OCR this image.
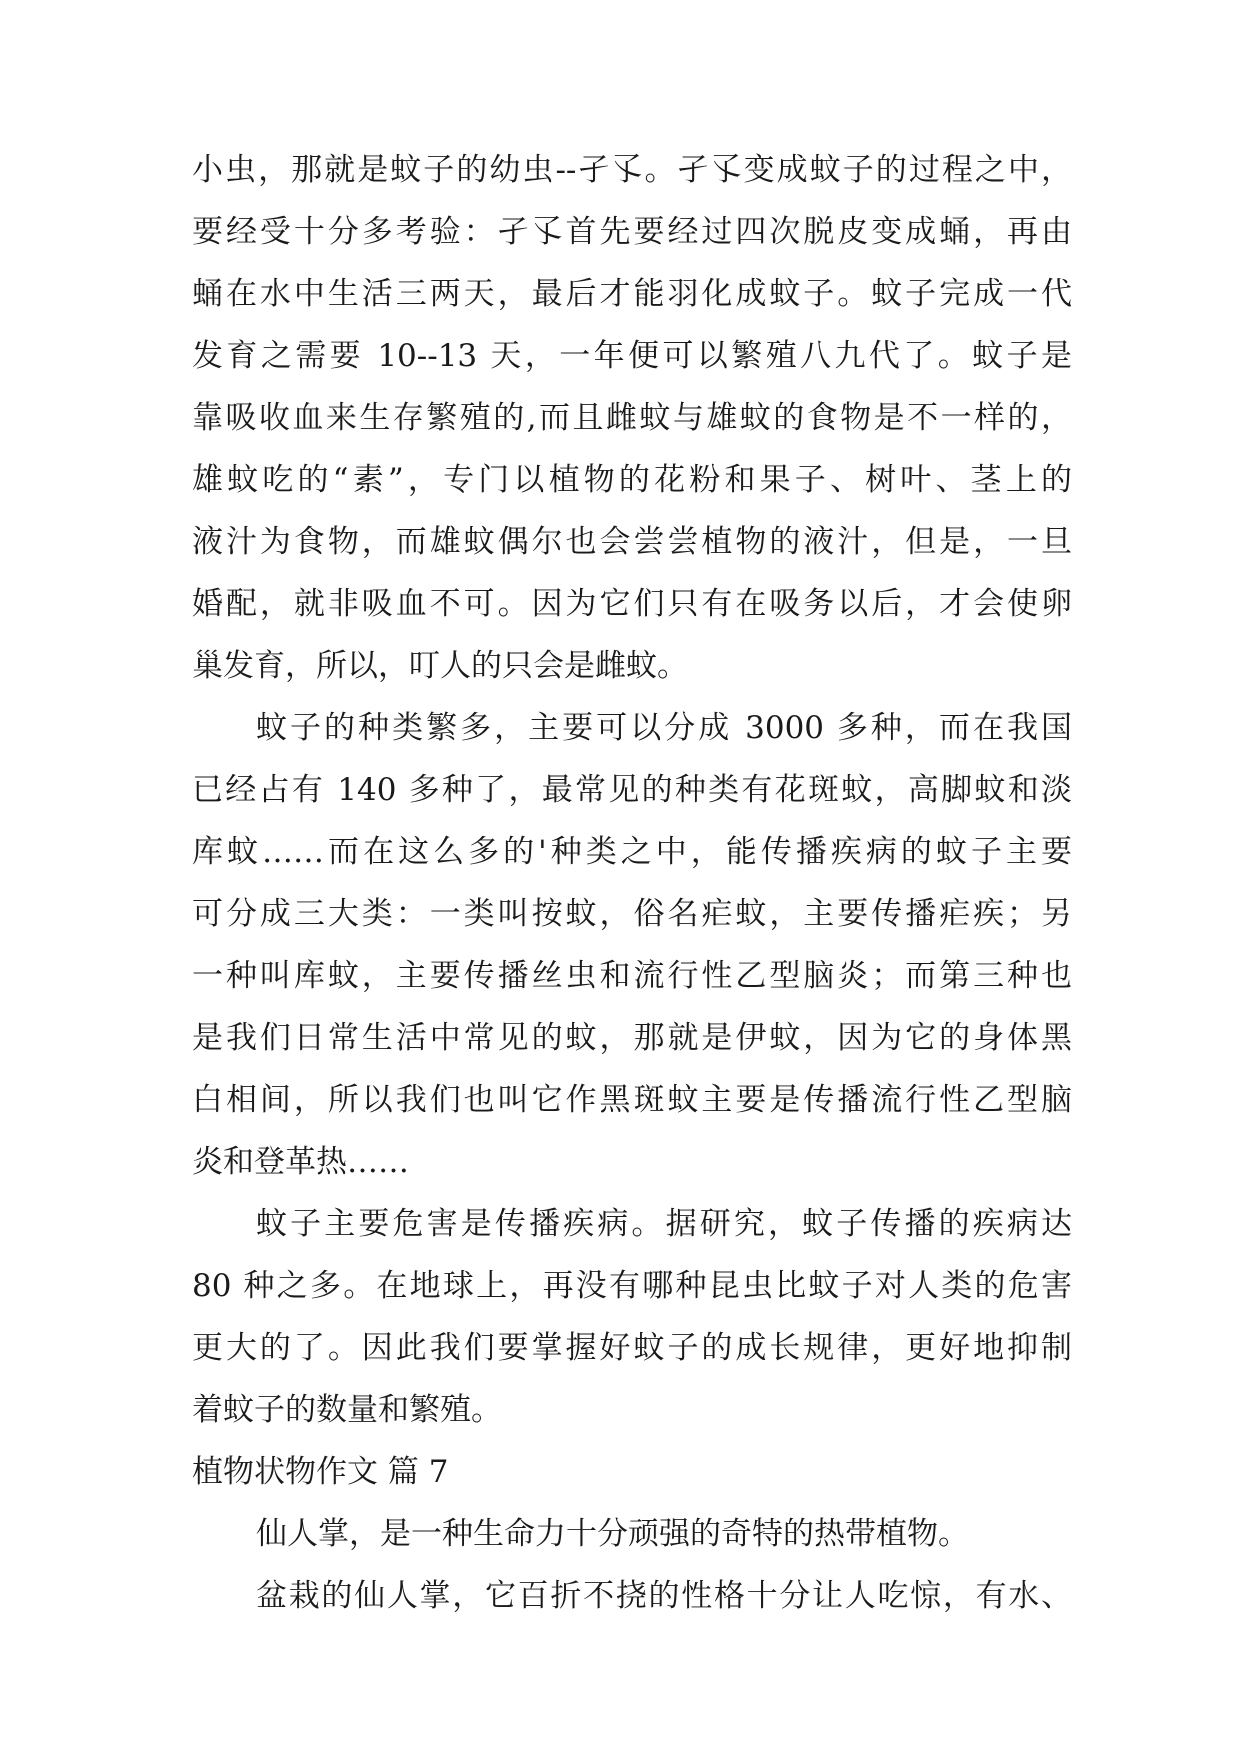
小虫，那就是蚊子的幼虫--孑孓。孑孓变成蚊子的过程之中，
要经受十分多考验：孑孓首先要经过四次脱皮变成蛹，再由
蛹在水中生活三两天，最后才能羽化成蚊子。蚊子完成一代
发育之需要 10--13 天，一年便可以繁殖八九代了。蚊子是
靠吸收血来生存繁殖的,而且雌蚊与雄蚊的食物是不一样的，
雄蚊吃的“素”，专门以植物的花粉和果子、树叶、茎上的
液汁为食物，而雄蚊偶尔也会尝尝植物的液汁，但是，一旦
婚配，就非吸血不可。因为它们只有在吸务以后，才会使卵
巢发育，所以，叮人的只会是雌蚊。
蚊子的种类繁多，主要可以分成 3000 多种，而在我国
已经占有 140 多种了，最常见的种类有花斑蚊，高脚蚊和淡
库蚊……而在这么多的'种类之中，能传播疾病的蚊子主要
可分成三大类：一类叫按蚊，俗名疟蚊，主要传播疟疾；另
一种叫库蚊，主要传播丝虫和流行性乙型脑炎；而第三种也
是我们日常生活中常见的蚊，那就是伊蚊，因为它的身体黑
白相间，所以我们也叫它作黑斑蚊主要是传播流行性乙型脑
炎和登革热……
蚊子主要危害是传播疾病。据研究，蚊子传播的疾病达
80 种之多。在地球上，再没有哪种昆虫比蚊子对人类的危害
更大的了。因此我们要掌握好蚊子的成长规律，更好地抑制
着蚊子的数量和繁殖。
植物状物作文 篇 7
仙人掌，是一种生命力十分顽强的奇特的热带植物。
盆栽的仙人掌，它百折不挠的性格十分让人吃惊，有水、
